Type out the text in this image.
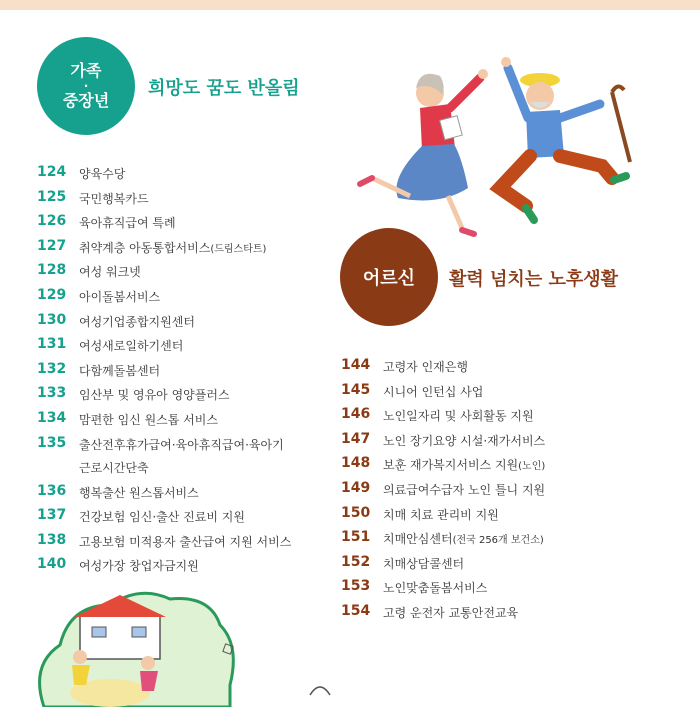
가족
·
중장년
희망도 꿈도 반올림
124 양육수당
125 국민행복카드
126 육아휴직급여 특례
127 취약계층 아동통합서비스(드림스타트)
128 여성 워크넷
129 아이돌봄서비스
130 여성기업종합지원센터
131 여성새로일하기센터
132 다함께돌봄센터
133 임산부 및 영유아 영양플러스
134 맘편한 임신 원스톱 서비스
135 출산전후휴가급여·육아휴직급여·육아기
근로시간단축
136 행복출산 원스톱서비스
137 건강보험 임신·출산 진료비 지원
138 고용보험 미적용자 출산급여 지원 서비스
140 여성가장 창업자금지원
어르신	활력 넘치는 노후생활
144 고령자 인재은행
145 시니어 인턴십 사업
146 노인일자리 및 사회활동 지원
147 노인 장기요양 시설·재가서비스
148 보훈 재가복지서비스 지원(노인)
149 의료급여수급자 노인 틀니 지원
150 치매 치료 관리비 지원
151 치매안심센터(전국 256개 보건소)
152 치매상담콜센터
153 노인맞춤돌봄서비스
154 고령 운전자 교통안전교육
